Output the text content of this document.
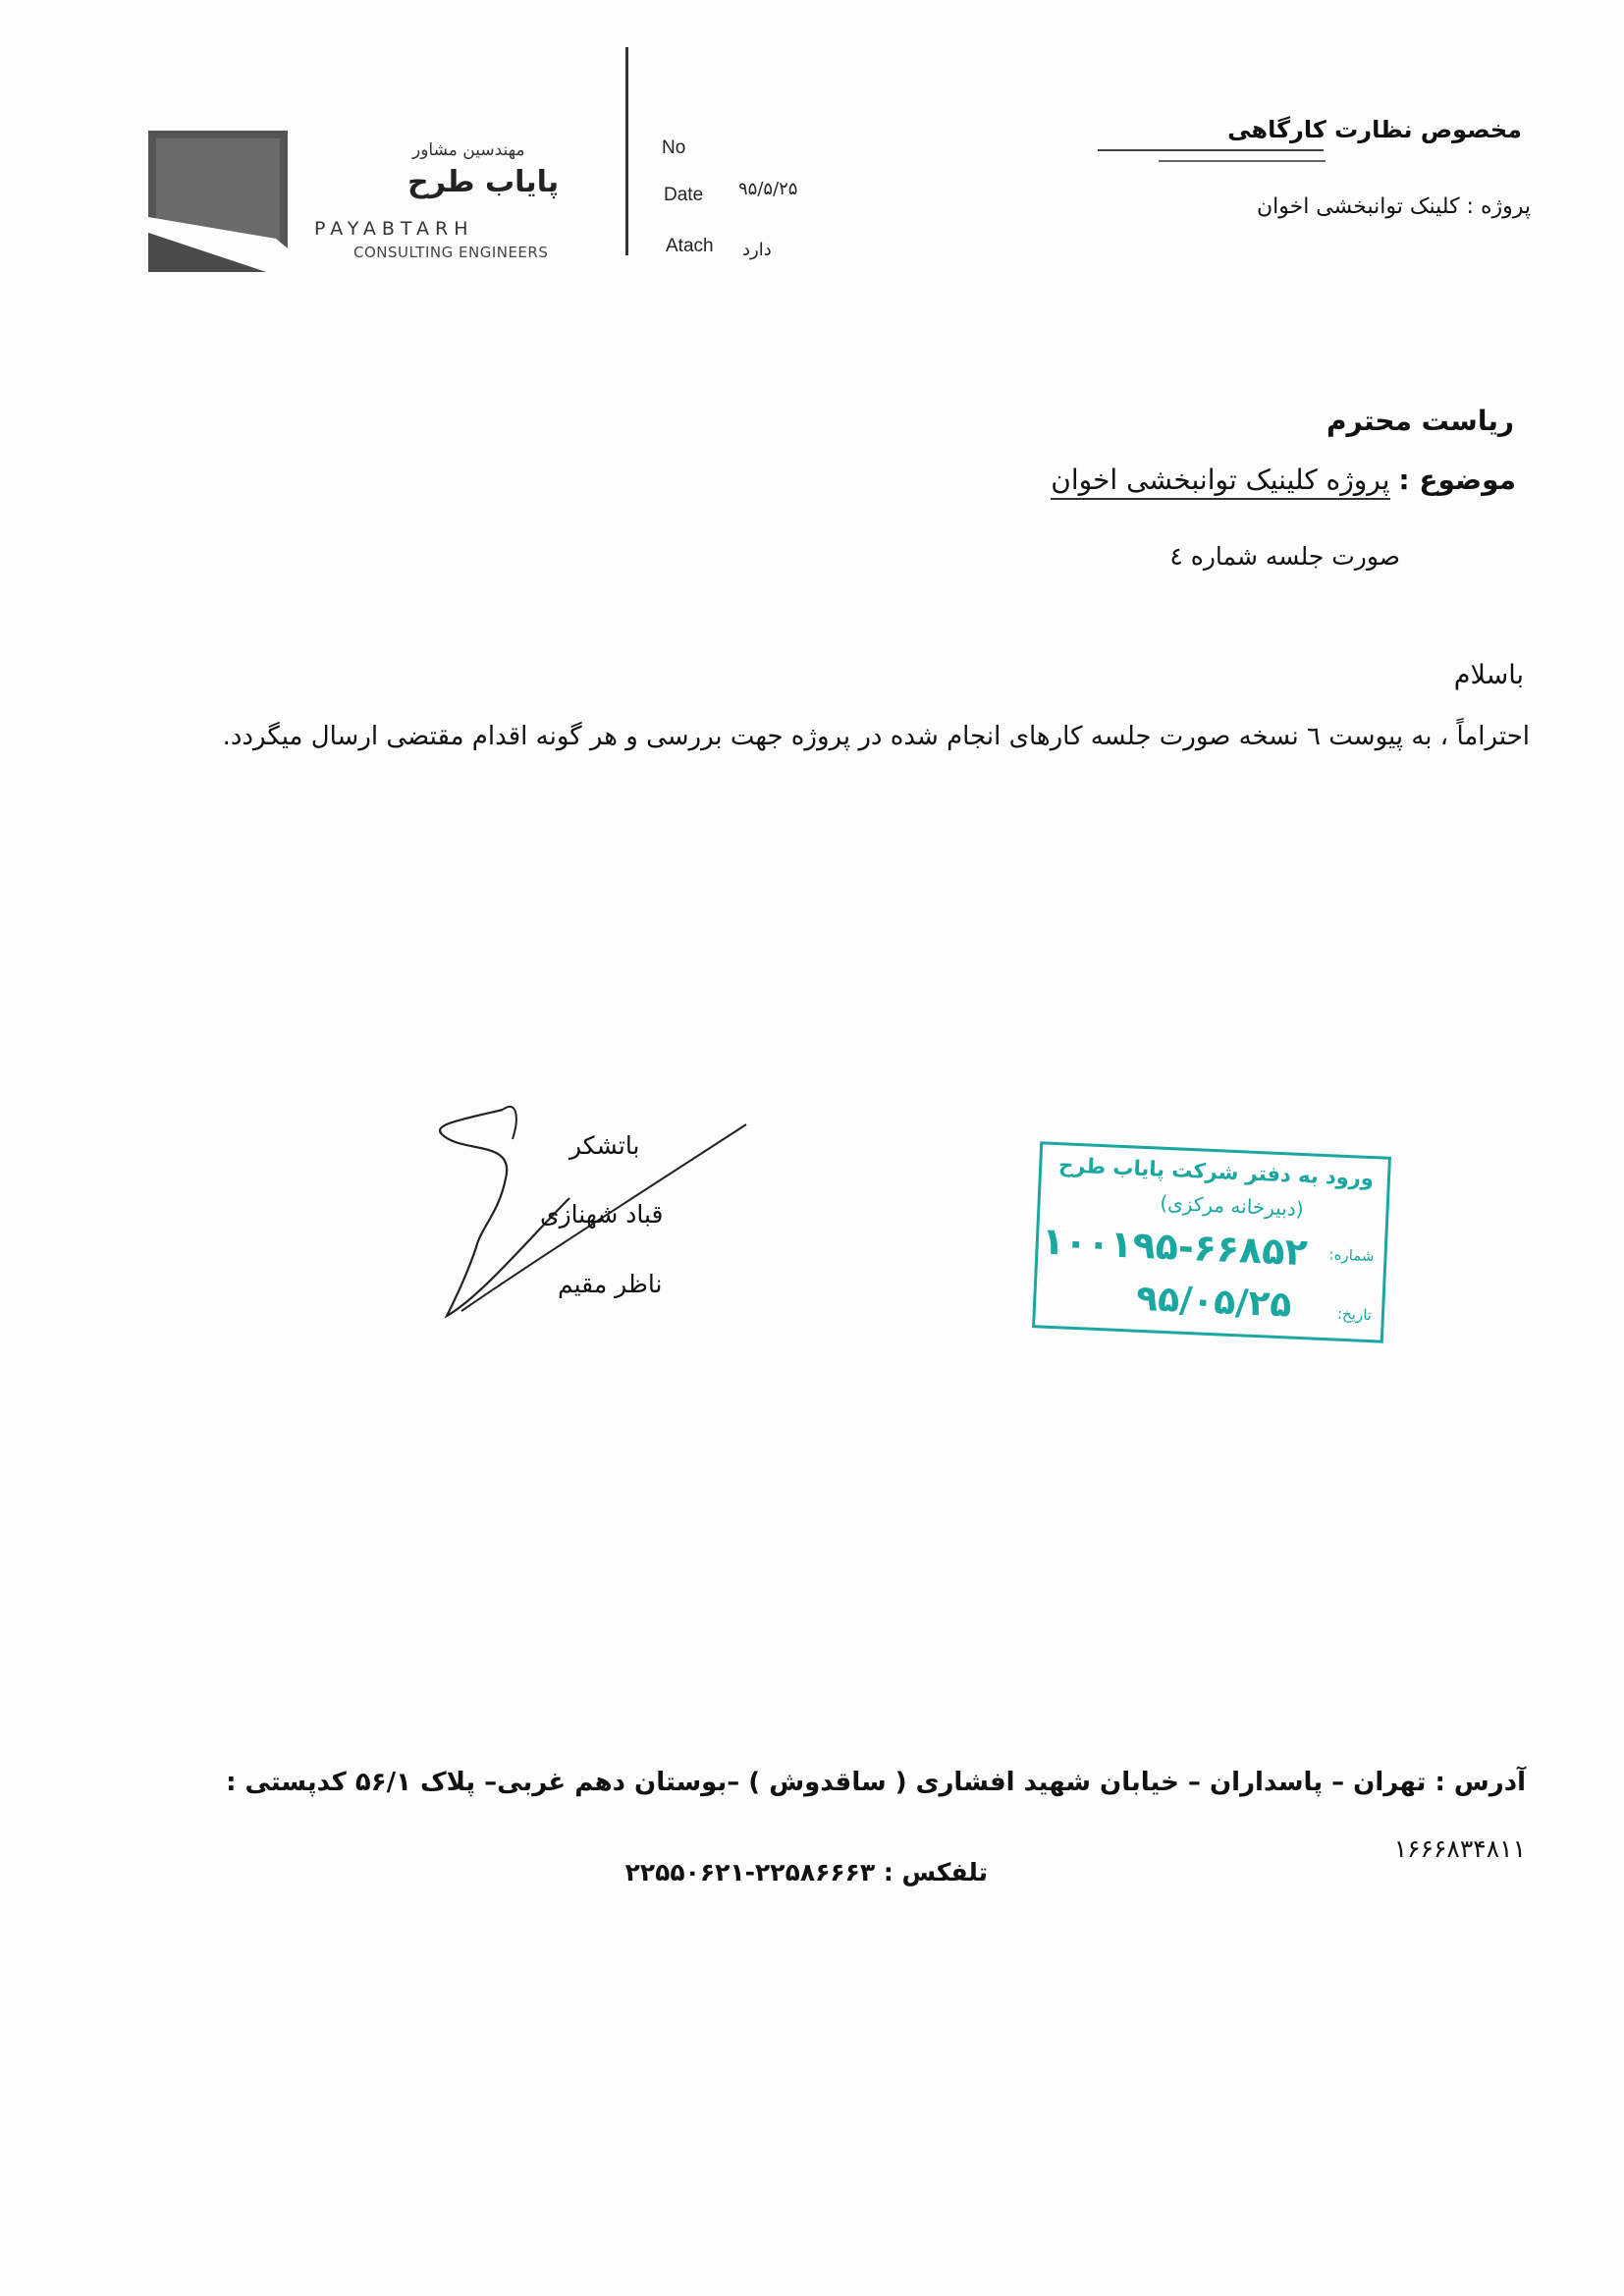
مهندسین مشاور
پایاب طرح
PAYABTARH
CONSULTING ENGINEERS
No
Date ۹۵/۵/۲۵
Atach دارد
مخصوص نظارت کارگاهی
پروژه : کلینک توانبخشی اخوان
ریاست محترم
موضوع : پروژه کلینیک توانبخشی اخوان
صورت جلسه شماره ٤
باسلام
احتراماً ، به پیوست ٦ نسخه صورت جلسه کارهای انجام شده در پروژه جهت بررسی و هر گونه اقدام مقتضی ارسال میگردد.
باتشکر
قباد شهنازی
ناظر مقیم
ورود به دفتر شرکت پایاب طرح
(دبیرخانه مرکزی)
شماره:
۱۰۰۱۹۵-۶۶۸۵۲
تاریخ:
۹۵/۰۵/۲۵
آدرس : تهران – پاسداران – خیابان شهید افشاری ( ساقدوش ) –بوستان دهم غربی– پلاک ۵۶/۱ کدپستی :
۱۶۶۶۸۳۴۸۱۱
تلفکس : ۲۲۵۸۶۶۶۳-۲۲۵۵۰۶۲۱
